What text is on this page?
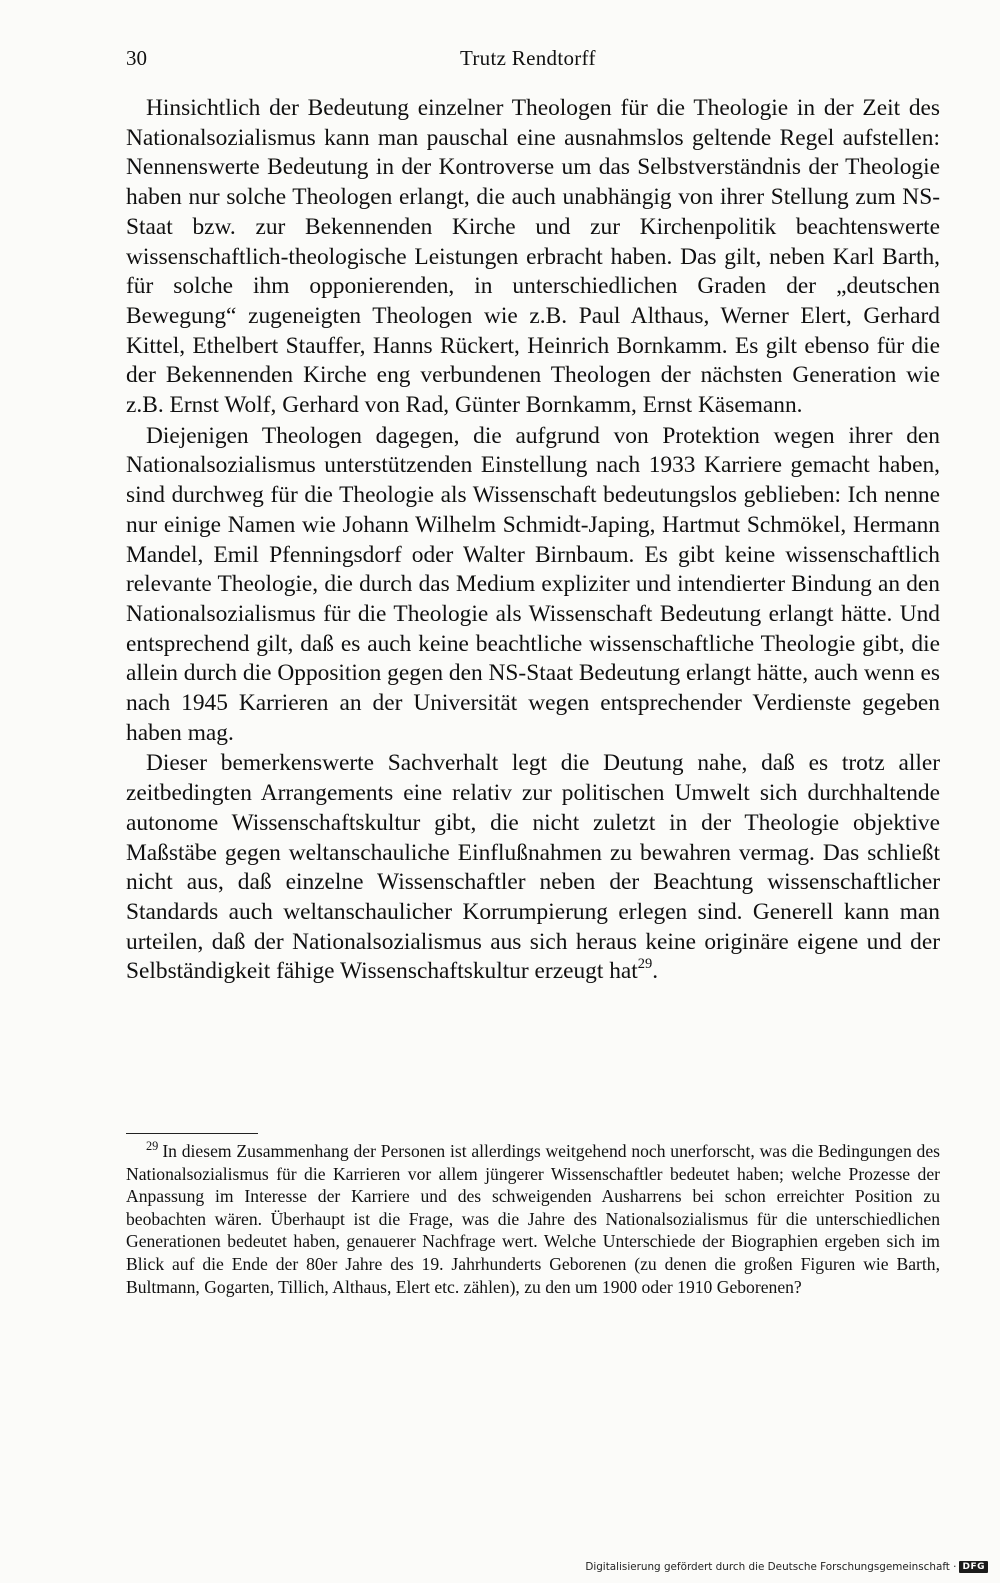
30	Trutz Rendtorff

Hinsichtlich der Bedeutung einzelner Theologen für die Theologie in der Zeit des Nationalsozialismus kann man pauschal eine ausnahmslos geltende Regel aufstellen: Nennenswerte Bedeutung in der Kontroverse um das Selbstverständnis der Theologie haben nur solche Theologen erlangt, die auch unabhängig von ihrer Stellung zum NS-Staat bzw. zur Bekennenden Kirche und zur Kirchenpolitik beachtenswerte wissenschaftlich-theologische Leistungen erbracht haben. Das gilt, neben Karl Barth, für solche ihm opponierenden, in unterschiedlichen Graden der „deutschen Bewegung“ zugeneigten Theologen wie z.B. Paul Althaus, Werner Elert, Gerhard Kittel, Ethelbert Stauffer, Hanns Rückert, Heinrich Bornkamm. Es gilt ebenso für die der Bekennenden Kirche eng verbundenen Theologen der nächsten Generation wie z.B. Ernst Wolf, Gerhard von Rad, Günter Bornkamm, Ernst Käsemann.

Diejenigen Theologen dagegen, die aufgrund von Protektion wegen ihrer den Nationalsozialismus unterstützenden Einstellung nach 1933 Karriere gemacht haben, sind durchweg für die Theologie als Wissenschaft bedeutungslos geblieben: Ich nenne nur einige Namen wie Johann Wilhelm Schmidt-Japing, Hartmut Schmökel, Hermann Mandel, Emil Pfenningsdorf oder Walter Birnbaum. Es gibt keine wissenschaftlich relevante Theologie, die durch das Medium expliziter und intendierter Bindung an den Nationalsozialismus für die Theologie als Wissenschaft Bedeutung erlangt hätte. Und entsprechend gilt, daß es auch keine beachtliche wissenschaftliche Theologie gibt, die allein durch die Opposition gegen den NS-Staat Bedeutung erlangt hätte, auch wenn es nach 1945 Karrieren an der Universität wegen entsprechender Verdienste gegeben haben mag.

Dieser bemerkenswerte Sachverhalt legt die Deutung nahe, daß es trotz aller zeitbedingten Arrangements eine relativ zur politischen Umwelt sich durchhaltende autonome Wissenschaftskultur gibt, die nicht zuletzt in der Theologie objektive Maßstäbe gegen weltanschauliche Einflußnahmen zu bewahren vermag. Das schließt nicht aus, daß einzelne Wissenschaftler neben der Beachtung wissenschaftlicher Standards auch weltanschaulicher Korrumpierung erlegen sind. Generell kann man urteilen, daß der Nationalsozialismus aus sich heraus keine originäre eigene und der Selbständigkeit fähige Wissenschaftskultur erzeugt hat$^{29}$.

$^{29}$ In diesem Zusammenhang der Personen ist allerdings weitgehend noch unerforscht, was die Bedingungen des Nationalsozialismus für die Karrieren vor allem jüngerer Wissenschaftler bedeutet haben; welche Prozesse der Anpassung im Interesse der Karriere und des schweigenden Ausharrens bei schon erreichter Position zu beobachten wären. Überhaupt ist die Frage, was die Jahre des Nationalsozialismus für die unterschiedlichen Generationen bedeutet haben, genauerer Nachfrage wert. Welche Unterschiede der Biographien ergeben sich im Blick auf die Ende der 80er Jahre des 19. Jahrhunderts Geborenen (zu denen die großen Figuren wie Barth, Bultmann, Gogarten, Tillich, Althaus, Elert etc. zählen), zu den um 1900 oder 1910 Geborenen?

Digitalisierung gefördert durch die Deutsche Forschungsgemeinschaft · DFG
